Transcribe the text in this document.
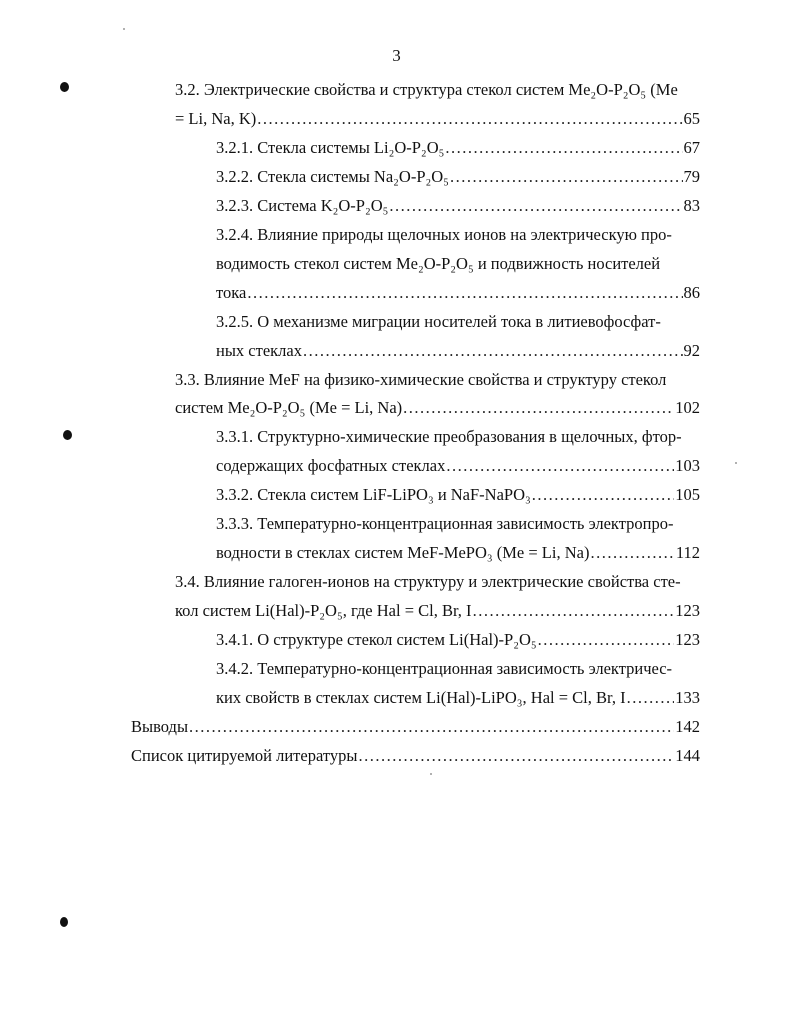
3
3.2. Электрические свойства и структура стекол систем Me₂O-P₂O₅ (Me
= Li, Na, K) .....	65
3.2.1. Стекла системы Li₂O-P₂O₅ .....	67
3.2.2. Стекла системы Na₂O-P₂O₅ .....	79
3.2.3. Система K₂O-P₂O₅ .....	83
3.2.4. Влияние природы щелочных ионов на электрическую про-
водимость стекол систем Me₂O-P₂O₅ и подвижность носителей
тока .....	86
3.2.5. О механизме миграции носителей тока в литиевофосфат-
ных стеклах .....	92
3.3. Влияние MeF на физико-химические свойства и структуру стекол
систем Me₂O-P₂O₅ (Me = Li, Na) .....	102
3.3.1. Структурно-химические преобразования в щелочных, фтор-
содержащих фосфатных стеклах .....	103
3.3.2. Стекла систем LiF-LiPO₃ и NaF-NaPO₃ .....	105
3.3.3. Температурно-концентрационная зависимость электропро-
водности в стеклах систем MeF-MePO₃ (Me = Li, Na) .....	112
3.4. Влияние галоген-ионов на структуру и электрические свойства сте-
кол систем Li(Hal)-P₂O₅, где Hal = Cl, Br, I .....	123
3.4.1. О структуре стекол систем Li(Hal)-P₂O₅ .....	123
3.4.2. Температурно-концентрационная зависимость электричес-
ких свойств в стеклах систем Li(Hal)-LiPO₃, Hal = Cl, Br, I .....	133
Выводы .....	142
Список цитируемой литературы .....	144
